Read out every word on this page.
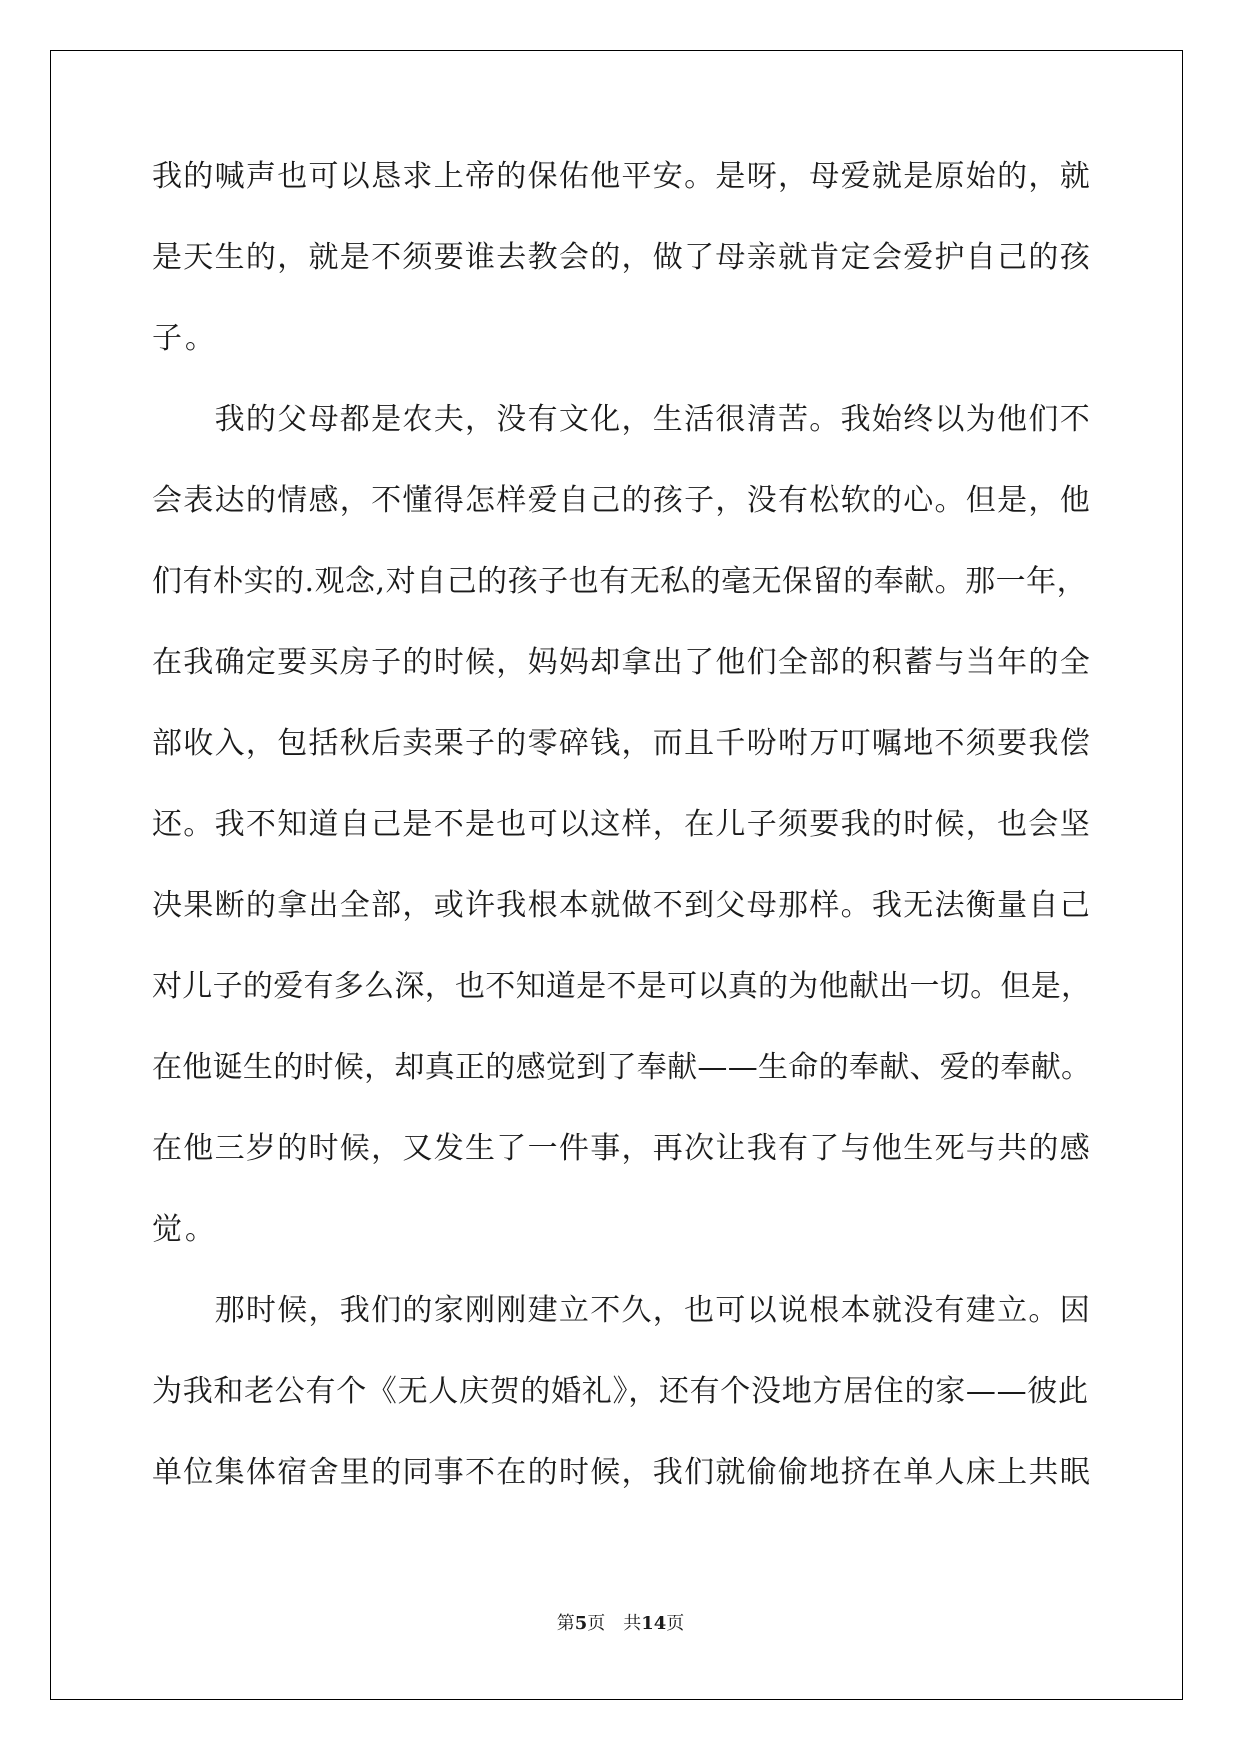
我的喊声也可以恳求上帝的保佑他平安。是呀，母爱就是原始的，就
是天生的，就是不须要谁去教会的，做了母亲就肯定会爱护自己的孩
子。
　　我的父母都是农夫，没有文化，生活很清苦。我始终以为他们不
会表达的情感，不懂得怎样爱自己的孩子，没有松软的心。但是，他
们有朴实的.观念,对自己的孩子也有无私的毫无保留的奉献。那一年，
在我确定要买房子的时候，妈妈却拿出了他们全部的积蓄与当年的全
部收入，包括秋后卖栗子的零碎钱，而且千吩咐万叮嘱地不须要我偿
还。我不知道自己是不是也可以这样，在儿子须要我的时候，也会坚
决果断的拿出全部，或许我根本就做不到父母那样。我无法衡量自己
对儿子的爱有多么深，也不知道是不是可以真的为他献出一切。但是，
在他诞生的时候，却真正的感觉到了奉献——生命的奉献、爱的奉献。
在他三岁的时候，又发生了一件事，再次让我有了与他生死与共的感
觉。
　　那时候，我们的家刚刚建立不久，也可以说根本就没有建立。因
为我和老公有个《无人庆贺的婚礼》，还有个没地方居住的家——彼此
单位集体宿舍里的同事不在的时候，我们就偷偷地挤在单人床上共眠
第5页　 共14页
